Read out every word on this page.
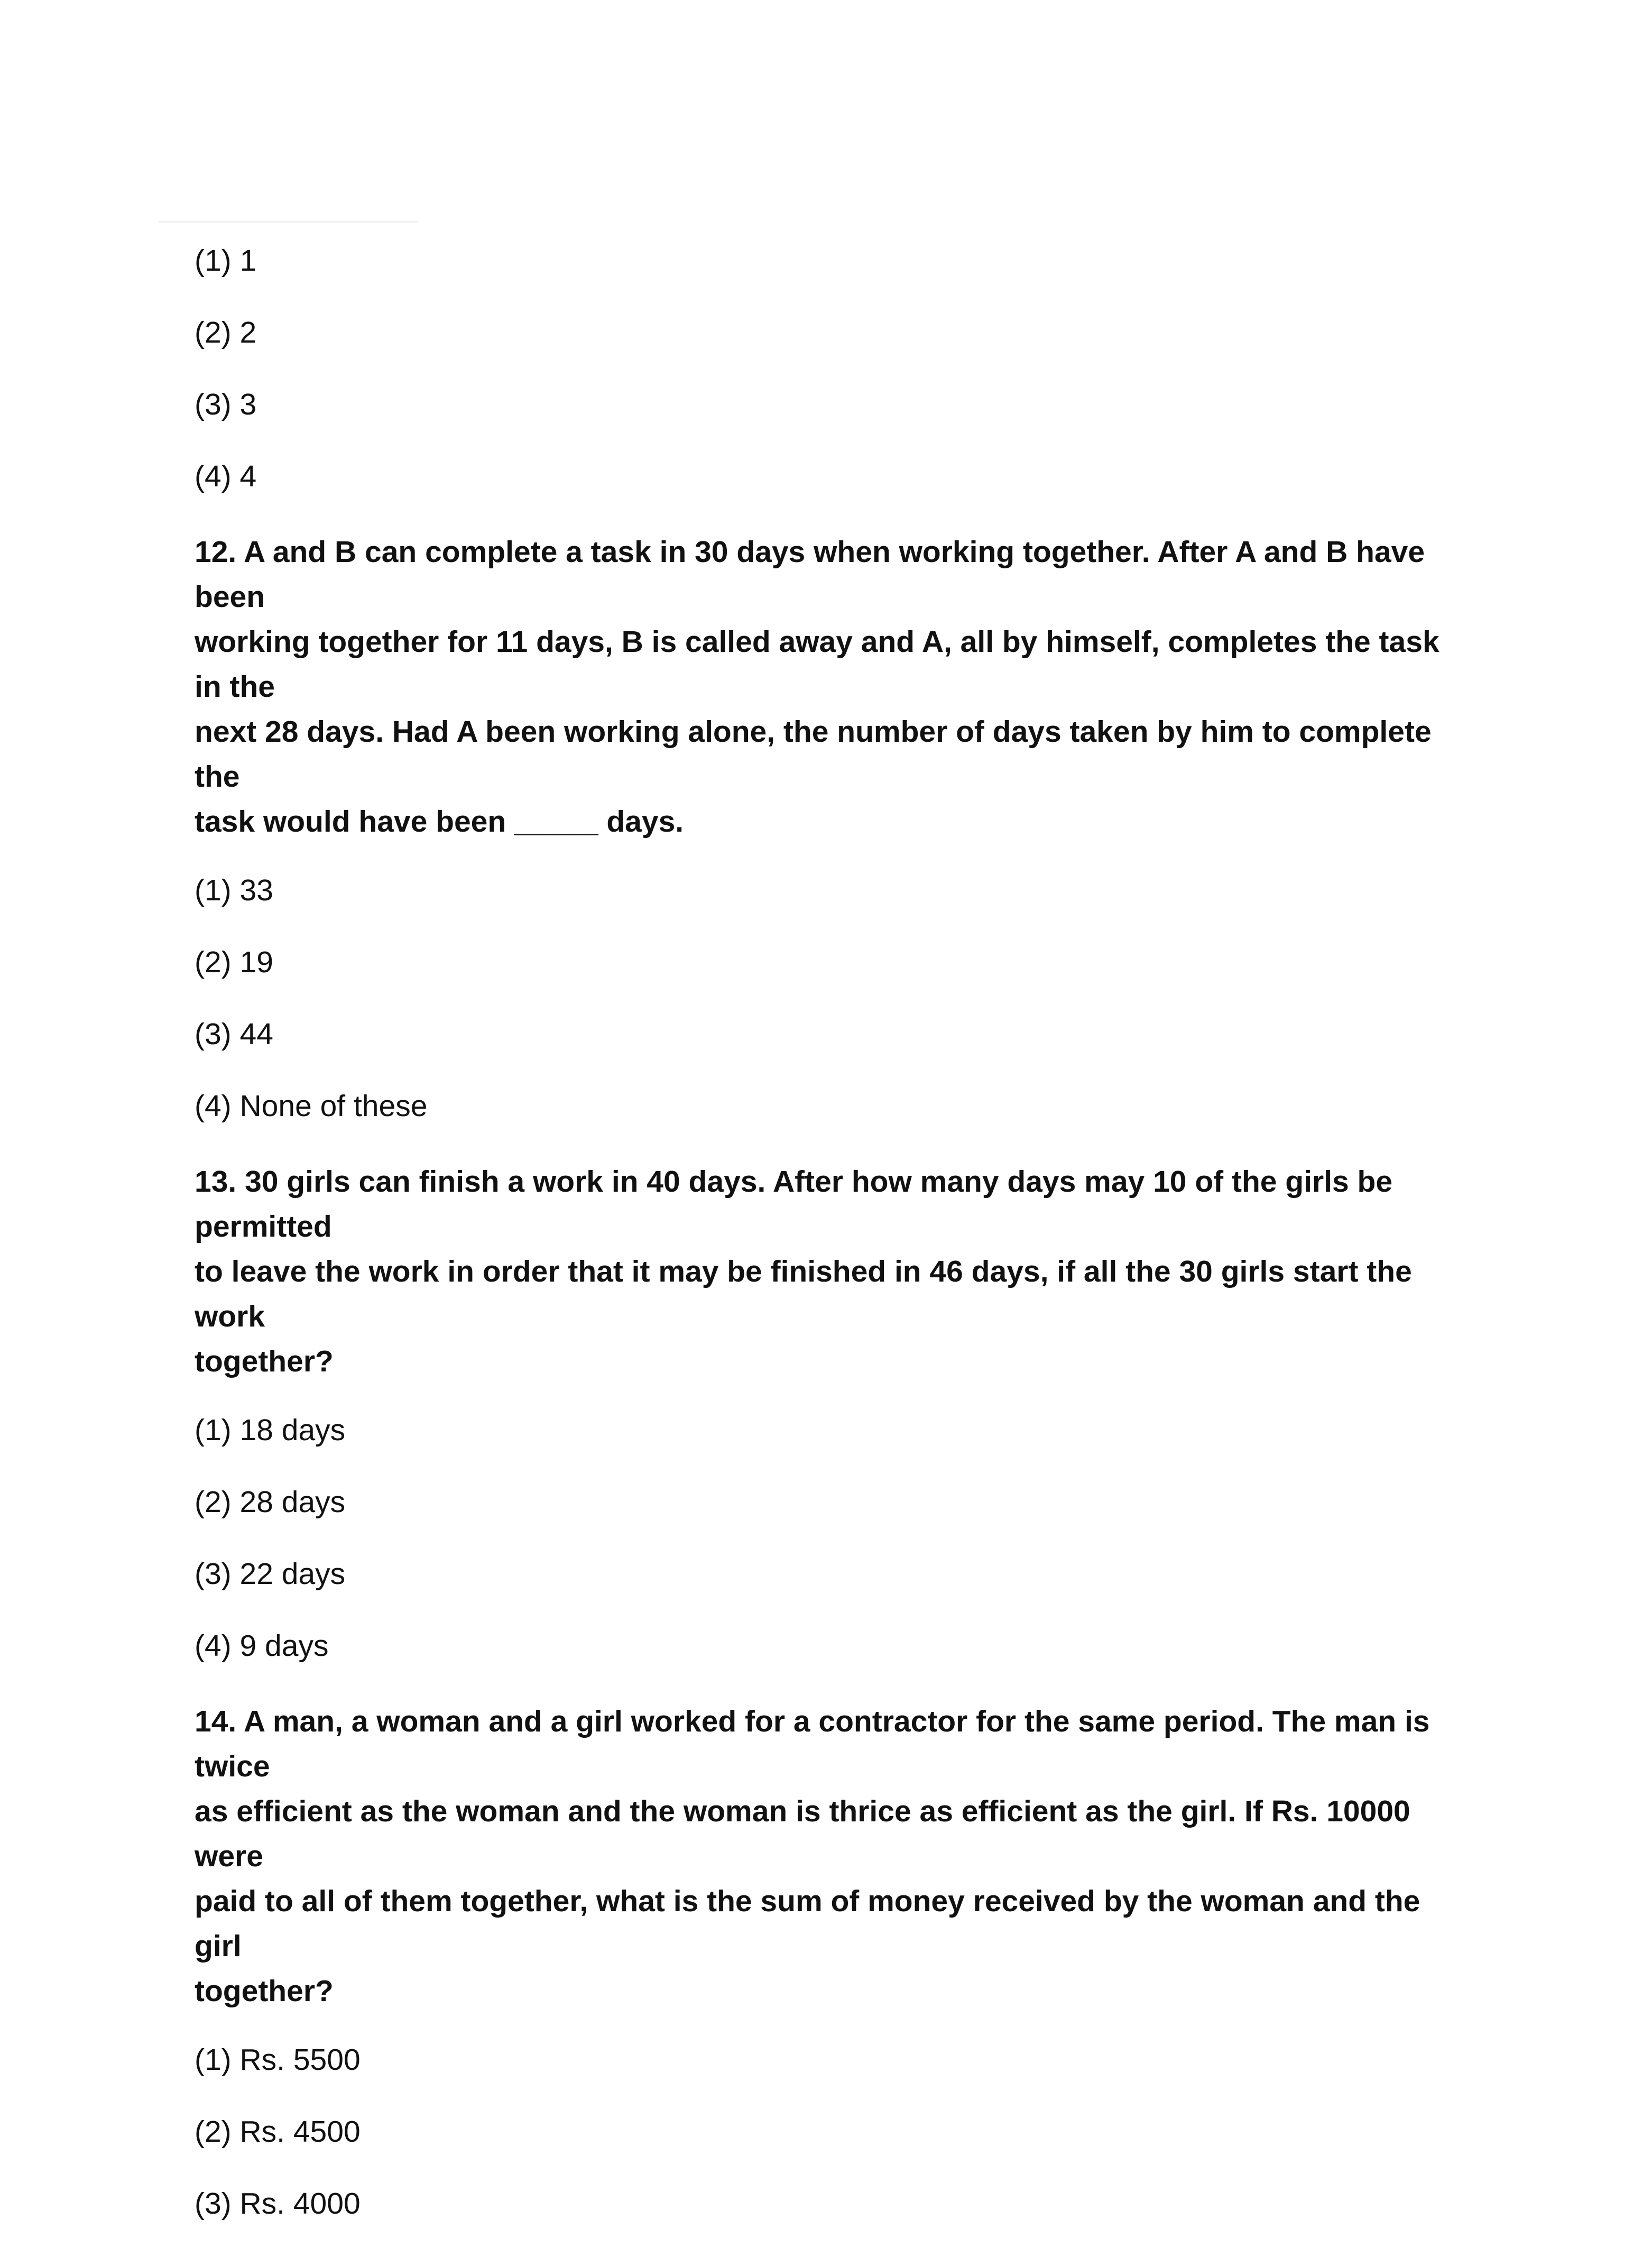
(1) 1
(2) 2
(3) 3
(4) 4
12. A and B can complete a task in 30 days when working together. After A and B have been
working together for 11 days, B is called away and A, all by himself, completes the task in the
next 28 days. Had A been working alone, the number of days taken by him to complete the
task would have been _____ days.
(1) 33
(2) 19
(3) 44
(4) None of these
13. 30 girls can finish a work in 40 days. After how many days may 10 of the girls be permitted
to leave the work in order that it may be finished in 46 days, if all the 30 girls start the work
together?
(1) 18 days
(2) 28 days
(3) 22 days
(4) 9 days
14. A man, a woman and a girl worked for a contractor for the same period. The man is twice
as efficient as the woman and the woman is thrice as efficient as the girl. If Rs. 10000 were
paid to all of them together, what is the sum of money received by the woman and the girl
together?
(1) Rs. 5500
(2) Rs. 4500
(3) Rs. 4000
